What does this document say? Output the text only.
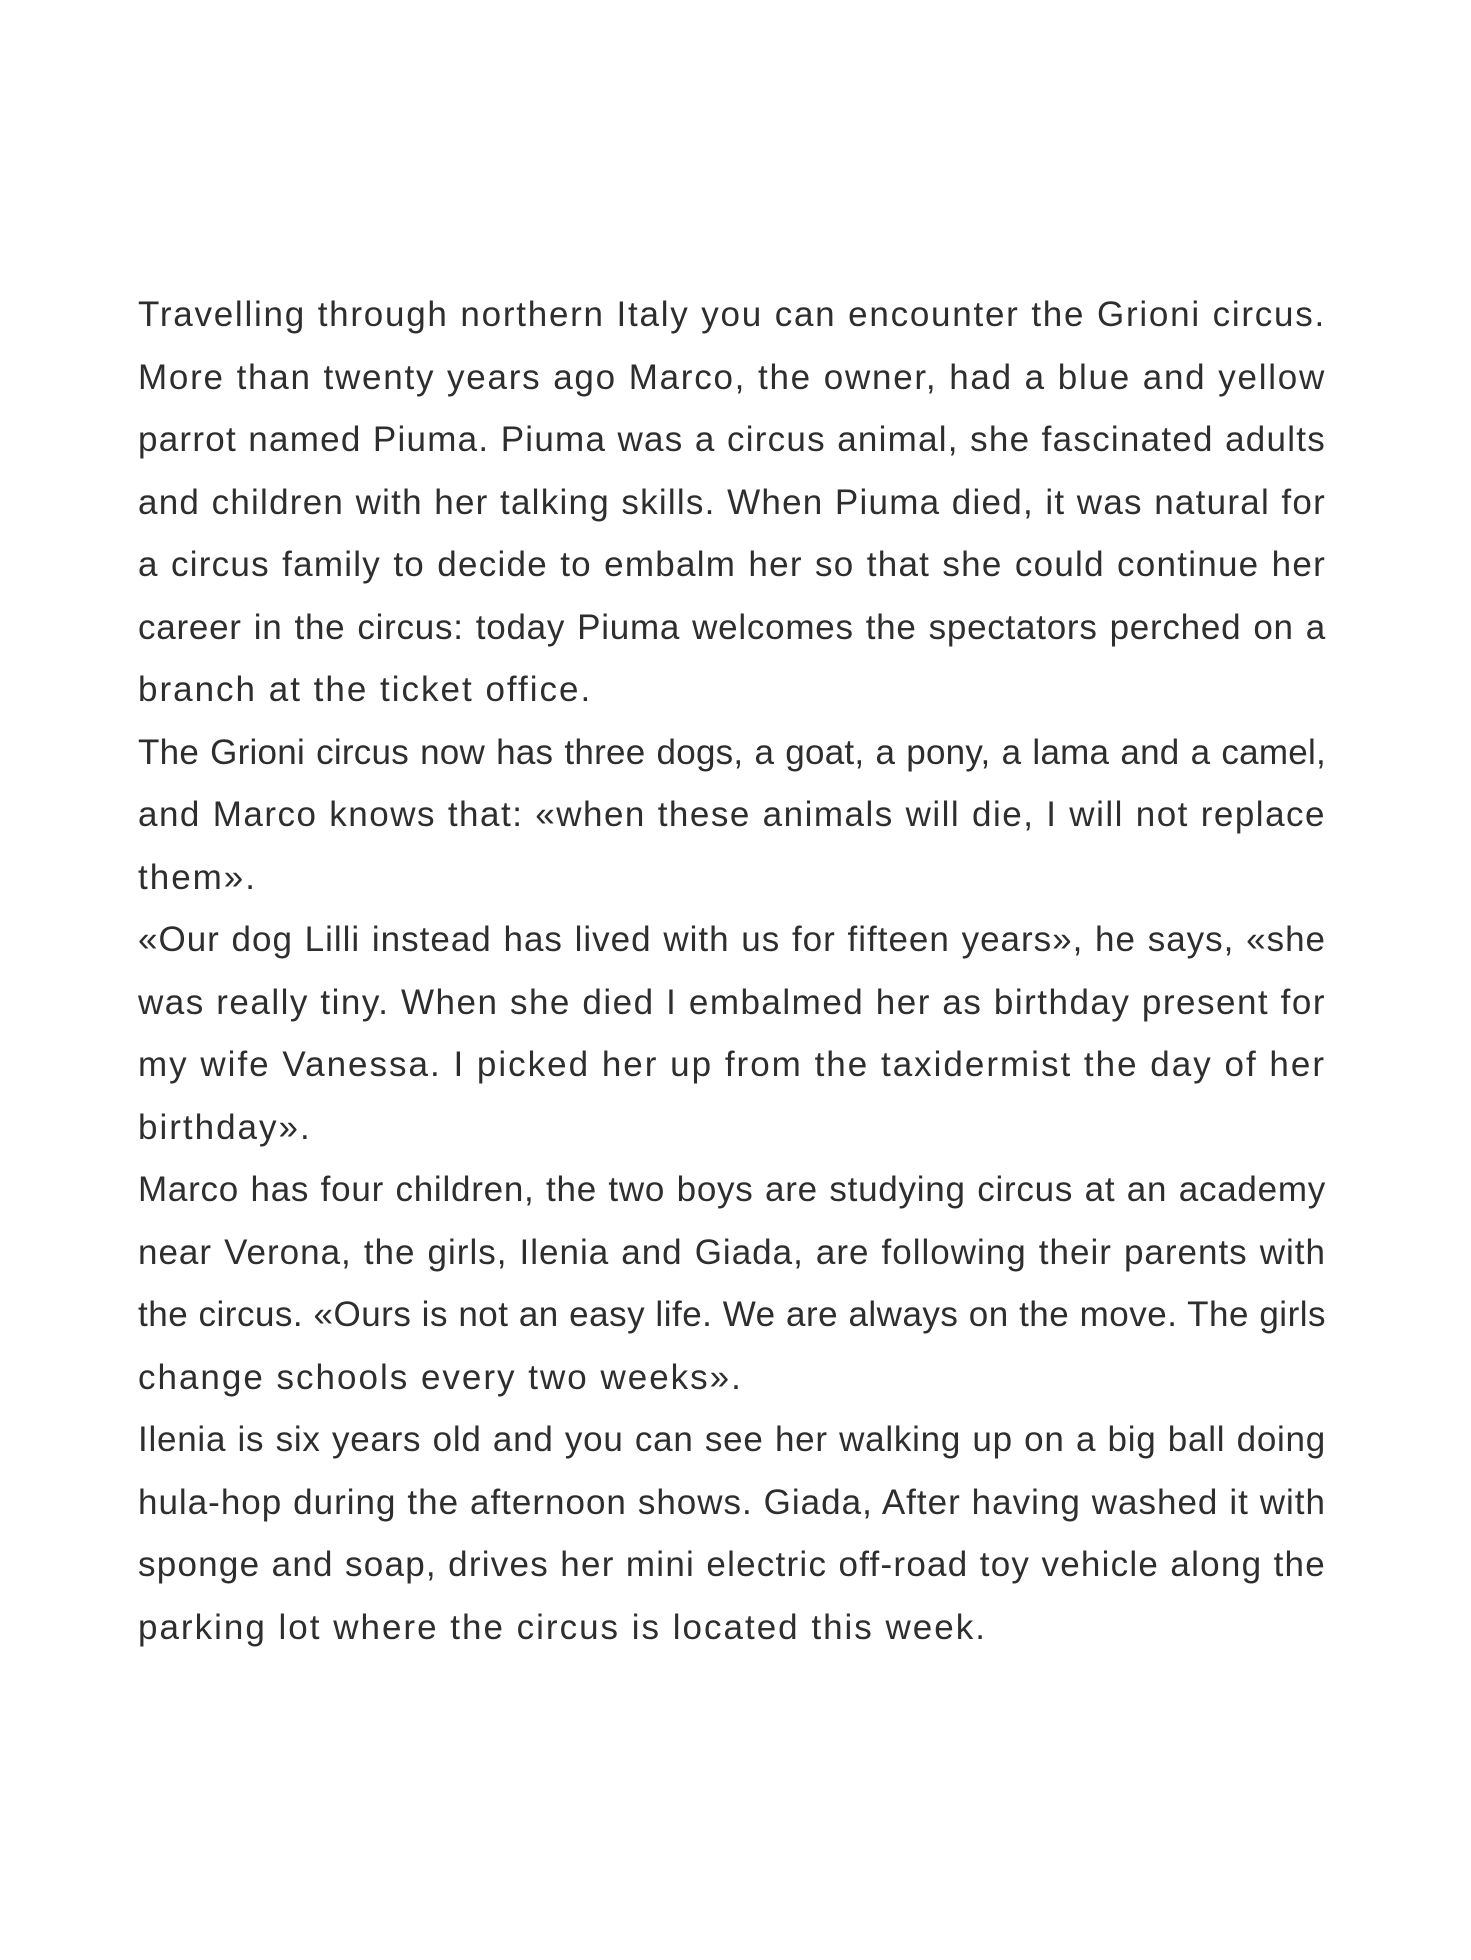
Travelling through northern Italy you can encounter the Grioni circus.
More than twenty years ago Marco, the owner, had a blue and yellow
parrot named Piuma. Piuma was a circus animal, she fascinated adults
and children with her talking skills. When Piuma died, it was natural for
a circus family to decide to embalm her so that she could continue her
career in the circus: today Piuma welcomes the spectators perched on a
branch at the ticket office.
The Grioni circus now has three dogs, a goat, a pony, a lama and a camel,
and Marco knows that: «when these animals will die, I will not replace
them».
«Our dog Lilli instead has lived with us for fifteen years», he says, «she
was really tiny. When she died I embalmed her as birthday present for
my wife Vanessa. I picked her up from the taxidermist the day of her
birthday».
Marco has four children, the two boys are studying circus at an academy
near Verona, the girls, Ilenia and Giada, are following their parents with
the circus. «Ours is not an easy life. We are always on the move. The girls
change schools every two weeks».
Ilenia is six years old and you can see her walking up on a big ball doing
hula-hop during the afternoon shows. Giada, After having washed it with
sponge and soap, drives her mini electric off-road toy vehicle along the
parking lot where the circus is located this week.
